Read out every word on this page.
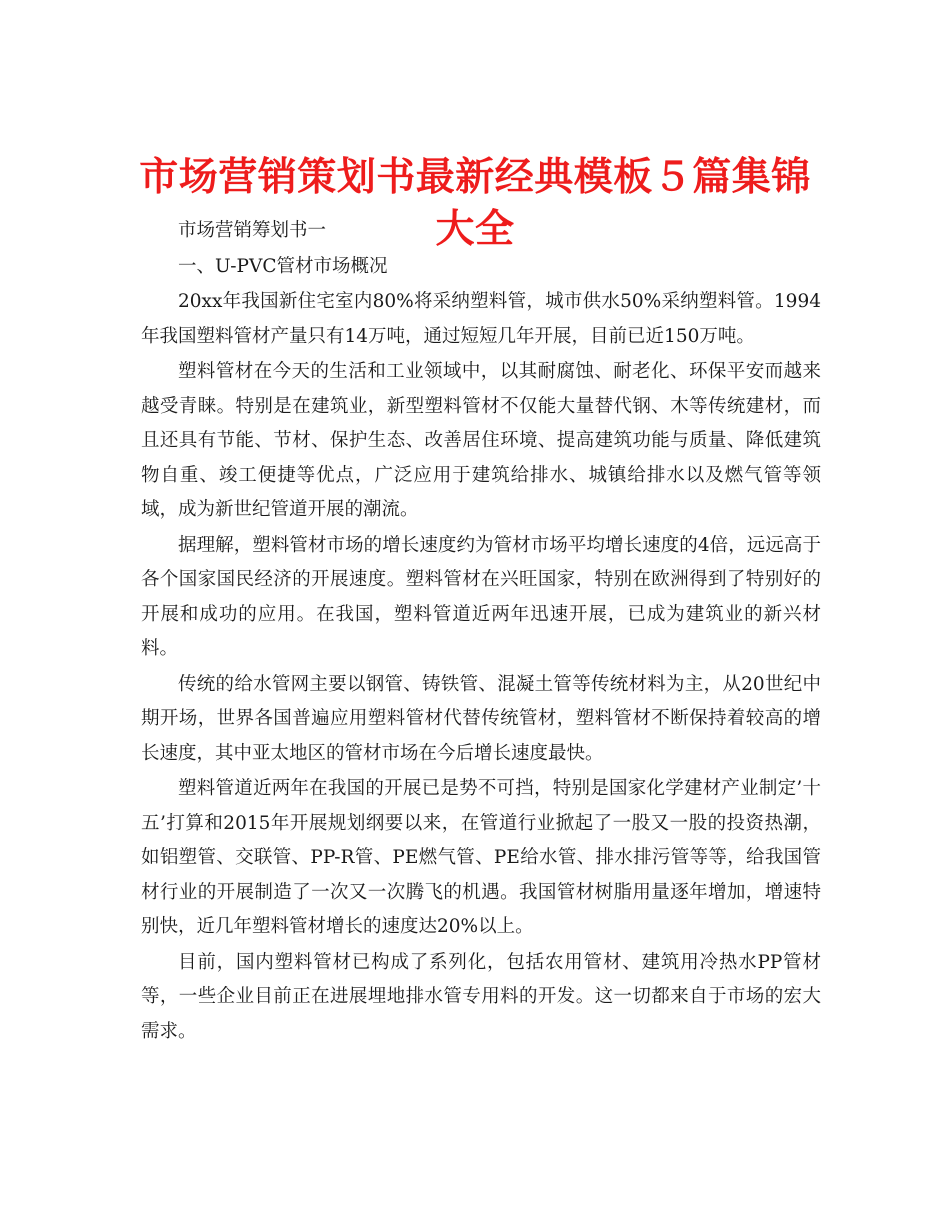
市场营销策划书最新经典模板５篇集锦大全

市场营销筹划书一

一、U-PVC管材市场概况

20xx年我国新住宅室内80%将采纳塑料管，城市供水50%采纳塑料管。1994年我国塑料管材产量只有14万吨，通过短短几年开展，目前已近150万吨。

塑料管材在今天的生活和工业领域中，以其耐腐蚀、耐老化、环保平安而越来越受青睐。特别是在建筑业，新型塑料管材不仅能大量替代钢、木等传统建材，而且还具有节能、节材、保护生态、改善居住环境、提高建筑功能与质量、降低建筑物自重、竣工便捷等优点，广泛应用于建筑给排水、城镇给排水以及燃气管等领域，成为新世纪管道开展的潮流。

据理解，塑料管材市场的增长速度约为管材市场平均增长速度的4倍，远远高于各个国家国民经济的开展速度。塑料管材在兴旺国家，特别在欧洲得到了特别好的开展和成功的应用。在我国，塑料管道近两年迅速开展，已成为建筑业的新兴材料。

传统的给水管网主要以钢管、铸铁管、混凝土管等传统材料为主，从20世纪中期开场，世界各国普遍应用塑料管材代替传统管材，塑料管材不断保持着较高的增长速度，其中亚太地区的管材市场在今后增长速度最快。

塑料管道近两年在我国的开展已是势不可挡，特别是国家化学建材产业制定’十五’打算和2015年开展规划纲要以来，在管道行业掀起了一股又一股的投资热潮，如铝塑管、交联管、PP-R管、PE燃气管、PE给水管、排水排污管等等，给我国管材行业的开展制造了一次又一次腾飞的机遇。我国管材树脂用量逐年增加，增速特别快，近几年塑料管材增长的速度达20%以上。

目前，国内塑料管材已构成了系列化，包括农用管材、建筑用冷热水PP管材等，一些企业目前正在进展埋地排水管专用料的开发。这一切都来自于市场的宏大需求。
